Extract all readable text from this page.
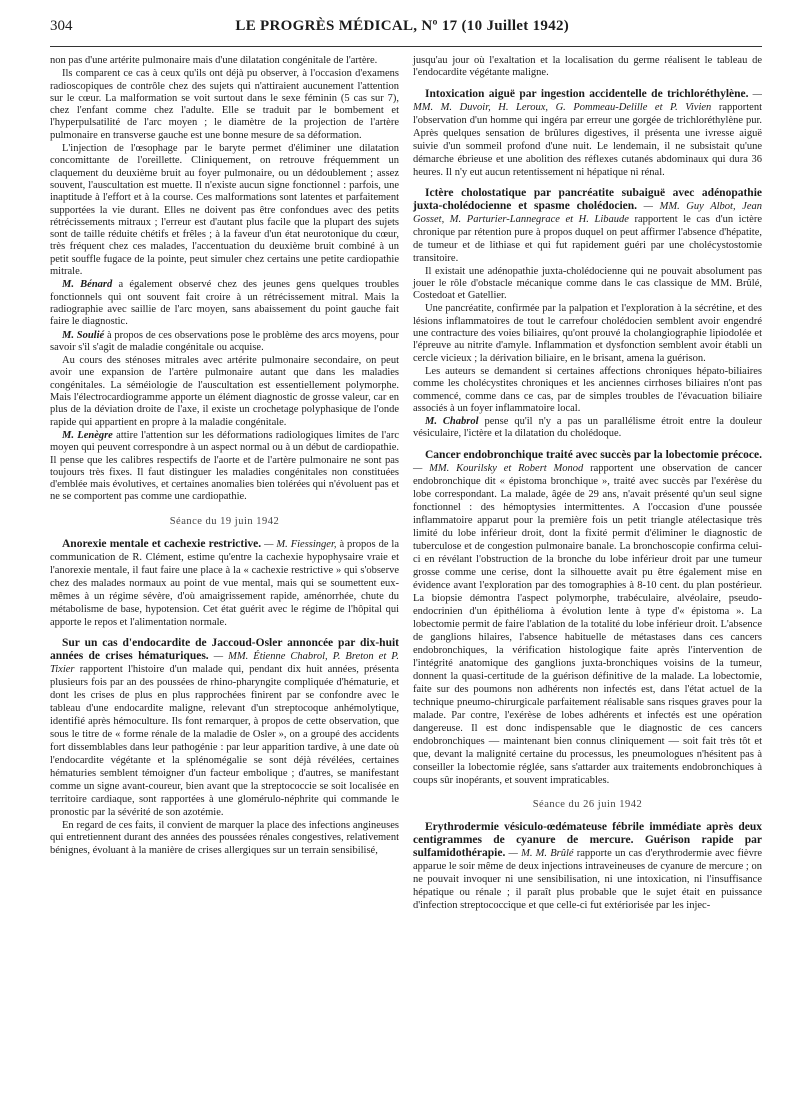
304	LE PROGRÈS MÉDICAL, Nº 17 (10 Juillet 1942)

non pas d'une artérite pulmonaire mais d'une dilatation congénitale de l'artère.

Ils comparent ce cas à ceux qu'ils ont déjà pu observer, à l'occasion d'examens radioscopiques de contrôle chez des sujets qui n'attiraient aucunement l'attention sur le cœur. La malformation se voit surtout dans le sexe féminin (5 cas sur 7), chez l'enfant comme chez l'adulte. Elle se traduit par le bombement et l'hyperpulsatilité de l'arc moyen ; le diamètre de la projection de l'artère pulmonaire en transverse gauche est une bonne mesure de sa déformation.

L'injection de l'œsophage par le baryte permet d'éliminer une dilatation concomittante de l'oreillette. Cliniquement, on retrouve fréquemment un claquement du deuxième bruit au foyer pulmonaire, ou un dédoublement ; assez souvent, l'auscultation est muette. Il n'existe aucun signe fonctionnel : parfois, une inaptitude à l'effort et à la course. Ces malformations sont latentes et parfaitement supportées la vie durant. Elles ne doivent pas être confondues avec des petits rétrécissements mitraux ; l'erreur est d'autant plus facile que la plupart des sujets sont de taille réduite chétifs et frêles ; à la faveur d'un état neurotonique du cœur, très fréquent chez ces malades, l'accentuation du deuxième bruit combiné à un petit souffle fugace de la pointe, peut simuler chez certains une petite cardiopathie mitrale.

M. Bénard a également observé chez des jeunes gens quelques troubles fonctionnels qui ont souvent fait croire à un rétrécissement mitral. Mais la radiographie avec saillie de l'arc moyen, sans abaissement du point gauche fait faire le diagnostic.

M. Soulié à propos de ces observations pose le problème des arcs moyens, pour savoir s'il s'agit de maladie congénitale ou acquise.

Au cours des sténoses mitrales avec artérite pulmonaire secondaire, on peut avoir une expansion de l'artère pulmonaire autant que dans les maladies congénitales. La séméiologie de l'auscultation est essentiellement polymorphe. Mais l'électrocardiogramme apporte un élément diagnostic de grosse valeur, car en plus de la déviation droite de l'axe, il existe un crochetage polyphasique de l'onde rapide qui appartient en propre à la maladie congénitale.

M. Lenègre attire l'attention sur les déformations radiologiques limites de l'arc moyen qui peuvent correspondre à un aspect normal ou à un début de cardiopathie. Il pense que les calibres respectifs de l'aorte et de l'artère pulmonaire ne sont pas toujours très fixes. Il faut distinguer les maladies congénitales non constituées d'emblée mais évolutives, et certaines anomalies bien tolérées qui n'évoluent pas et ne se comportent pas comme une cardiopathie.

Séance du 19 juin 1942
Anorexie mentale et cachexie restrictive. — M. Fiessinger, à propos de la communication de R. Clément, estime qu'entre la cachexie hypophysaire vraie et l'anorexie mentale, il faut faire une place à la « cachexie restrictive » qui s'observe chez des malades normaux au point de vue mental, mais qui se soumettent eux-mêmes à un régime sévère, d'où amaigrissement rapide, aménorrhée, chute du métabolisme de base, hypotension. Cet état guérit avec le régime de l'hôpital qui apporte le repos et l'alimentation normale.
Sur un cas d'endocardite de Jaccoud-Osler annoncée par dix-huit années de crises hématuriques. — MM. Étienne Chabrol, P. Breton et P. Tixier rapportent l'histoire d'un malade qui, pendant dix huit années, présenta plusieurs fois par an des poussées de rhino-pharyngite compliquée d'hématurie, et dont les crises de plus en plus rapprochées finirent par se confondre avec le tableau d'une endocardite maligne, relevant d'un streptocoque anhémolytique, identifié après hémoculture. Ils font remarquer, à propos de cette observation, que sous le titre de « forme rénale de la maladie de Osler », on a groupé des accidents fort dissemblables dans leur pathogénie : par leur apparition tardive, à une date où l'endocardite végétante et la splénomégalie se sont déjà révélées, certaines hématuries semblent témoigner d'un facteur embolique ; d'autres, se manifestant comme un signe avant-coureur, bien avant que la streptococcie se soit localisée en territoire cardiaque, sont rapportées à une glomérulo-néphrite qui commande le pronostic par la sévérité de son azotémie.

En regard de ces faits, il convient de marquer la place des infections angineuses qui entretiennent durant des années des poussées rénales congestives, relativement bénignes, évoluant à la manière de crises allergiques sur un terrain sensibilisé,

jusqu'au jour où l'exaltation et la localisation du germe réalisent le tableau de l'endocardite végétante maligne.

Intoxication aiguë par ingestion accidentelle de trichloréthylène. — MM. M. Duvoir, H. Leroux, G. Pommeau-Delille et P. Vivien rapportent l'observation d'un homme qui ingéra par erreur une gorgée de trichloréthylène pur. Après quelques sensation de brûlures digestives, il présenta une ivresse aiguë suivie d'un sommeil profond d'une nuit. Le lendemain, il ne subsistait qu'une démarche ébrieuse et une abolition des réflexes cutanés abdominaux qui dura 36 heures. Il n'y eut aucun retentissement ni hépatique ni rénal.
Ictère cholostatique par pancréatite subaiguë avec adénopathie juxta-cholédocienne et spasme cholédocien. — MM. Guy Albot, Jean Gosset, M. Parturier-Lannegrace et H. Libaude rapportent le cas d'un ictère chronique par rétention pure à propos duquel on peut affirmer l'absence d'hépatite, de tumeur et de lithiase et qui fut rapidement guéri par une cholécystostomie transitoire.

Il existait une adénopathie juxta-cholédocienne qui ne pouvait absolument pas jouer le rôle d'obstacle mécanique comme dans le cas classique de MM. Brûlé, Costedoat et Gatellier.

Une pancréatite, confirmée par la palpation et l'exploration à la sécrétine, et des lésions inflammatoires de tout le carrefour cholédocien semblent avoir engendré une contracture des voies biliaires, qu'ont prouvé la cholangiographie lipiodolée et l'épreuve au nitrite d'amyle. Inflammation et dysfonction semblent avoir établi un cercle vicieux ; la dérivation biliaire, en le brisant, amena la guérison.

Les auteurs se demandent si certaines affections chroniques hépato-biliaires comme les cholécystites chroniques et les anciennes cirrhoses biliaires n'ont pas commencé, comme dans ce cas, par de simples troubles de l'évacuation biliaire associés à un foyer inflammatoire local.

M. Chabrol pense qu'il n'y a pas un parallélisme étroit entre la douleur vésiculaire, l'ictère et la dilatation du cholédoque.

Cancer endobronchique traité avec succès par la lobectomie précoce. — MM. Kourilsky et Robert Monod rapportent une observation de cancer endobronchique dit « épistoma bronchique », traité avec succès par l'exérèse du lobe correspondant. La malade, âgée de 29 ans, n'avait présenté qu'un seul signe fonctionnel : des hémoptysies intermittentes. A l'occasion d'une poussée inflammatoire apparut pour la première fois un petit triangle atélectasique très limité du lobe inférieur droit, dont la fixité permit d'éliminer le diagnostic de tuberculose et de congestion pulmonaire banale. La bronchoscopie confirma celui-ci en révélant l'obstruction de la bronche du lobe inférieur droit par une tumeur grosse comme une cerise, dont la silhouette avait pu être également mise en évidence avant l'exploration par des tomographies à 8-10 cent. du plan postérieur. La biopsie démontra l'aspect polymorphe, trabéculaire, alvéolaire, pseudo-endocrinien d'un épithélioma à évolution lente à type d'« épistoma ». La lobectomie permit de faire l'ablation de la totalité du lobe inférieur droit. L'absence de ganglions hilaires, l'absence habituelle de métastases dans ces cancers endobronchiques, la vérification histologique faite après l'intervention de l'intégrité anatomique des ganglions juxta-bronchiques voisins de la tumeur, donnent la quasi-certitude de la guérison définitive de la malade. La lobectomie, faite sur des poumons non adhérents non infectés est, dans l'état actuel de la technique pneumo-chirurgicale parfaitement réalisable sans risques graves pour la malade. Par contre, l'exérèse de lobes adhérents et infectés est une opération dangereuse. Il est donc indispensable que le diagnostic de ces cancers endobronchiques — maintenant bien connus cliniquement — soit fait très tôt et que, devant la malignité certaine du processus, les pneumologues n'hésitent pas à conseiller la lobectomie réglée, sans s'attarder aux traitements endobronchiques à coups sûr inopérants, et souvent impraticables.
Séance du 26 juin 1942
Erythrodermie vésiculo-œdémateuse fébrile immédiate après deux centigrammes de cyanure de mercure. Guérison rapide par sulfamidothérapie. — M. M. Brûlé rapporte un cas d'erythrodermie avec fièvre apparue le soir même de deux injections intraveineuses de cyanure de mercure ; on ne pouvait invoquer ni une sensibilisation, ni une intoxication, ni l'insuffisance hépatique ou rénale ; il paraît plus probable que le sujet était en puissance d'infection streptococcique et que celle-ci fut extériorisée par les injec-
